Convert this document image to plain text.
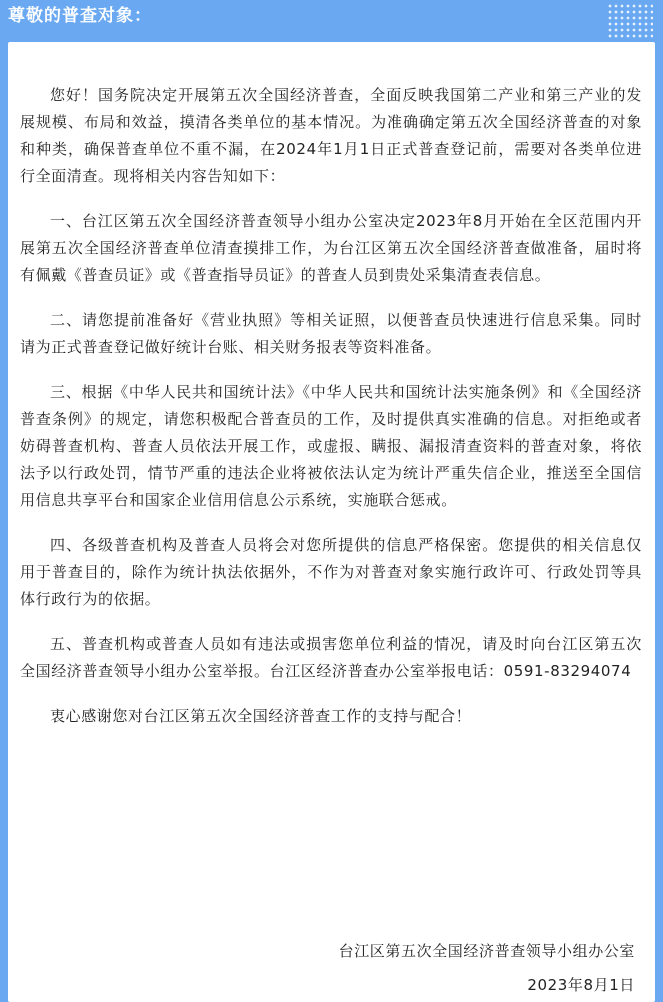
尊敬的普查对象：

您好！国务院决定开展第五次全国经济普查，全面反映我国第二产业和第三产业的发展规模、布局和效益，摸清各类单位的基本情况。为准确确定第五次全国经济普查的对象和种类，确保普查单位不重不漏，在2024年1月1日正式普查登记前，需要对各类单位进行全面清查。现将相关内容告知如下：

一、台江区第五次全国经济普查领导小组办公室决定2023年8月开始在全区范围内开展第五次全国经济普查单位清查摸排工作，为台江区第五次全国经济普查做准备，届时将有佩戴《普查员证》或《普查指导员证》的普查人员到贵处采集清查表信息。

二、请您提前准备好《营业执照》等相关证照，以便普查员快速进行信息采集。同时请为正式普查登记做好统计台账、相关财务报表等资料准备。

三、根据《中华人民共和国统计法》《中华人民共和国统计法实施条例》和《全国经济普查条例》的规定，请您积极配合普查员的工作，及时提供真实准确的信息。对拒绝或者妨碍普查机构、普查人员依法开展工作，或虚报、瞒报、漏报清查资料的普查对象，将依法予以行政处罚，情节严重的违法企业将被依法认定为统计严重失信企业，推送至全国信用信息共享平台和国家企业信用信息公示系统，实施联合惩戒。

四、各级普查机构及普查人员将会对您所提供的信息严格保密。您提供的相关信息仅用于普查目的，除作为统计执法依据外，不作为对普查对象实施行政许可、行政处罚等具体行政行为的依据。

五、普查机构或普查人员如有违法或损害您单位利益的情况，请及时向台江区第五次全国经济普查领导小组办公室举报。台江区经济普查办公室举报电话：0591-83294074

衷心感谢您对台江区第五次全国经济普查工作的支持与配合！

台江区第五次全国经济普查领导小组办公室
2023年8月1日
